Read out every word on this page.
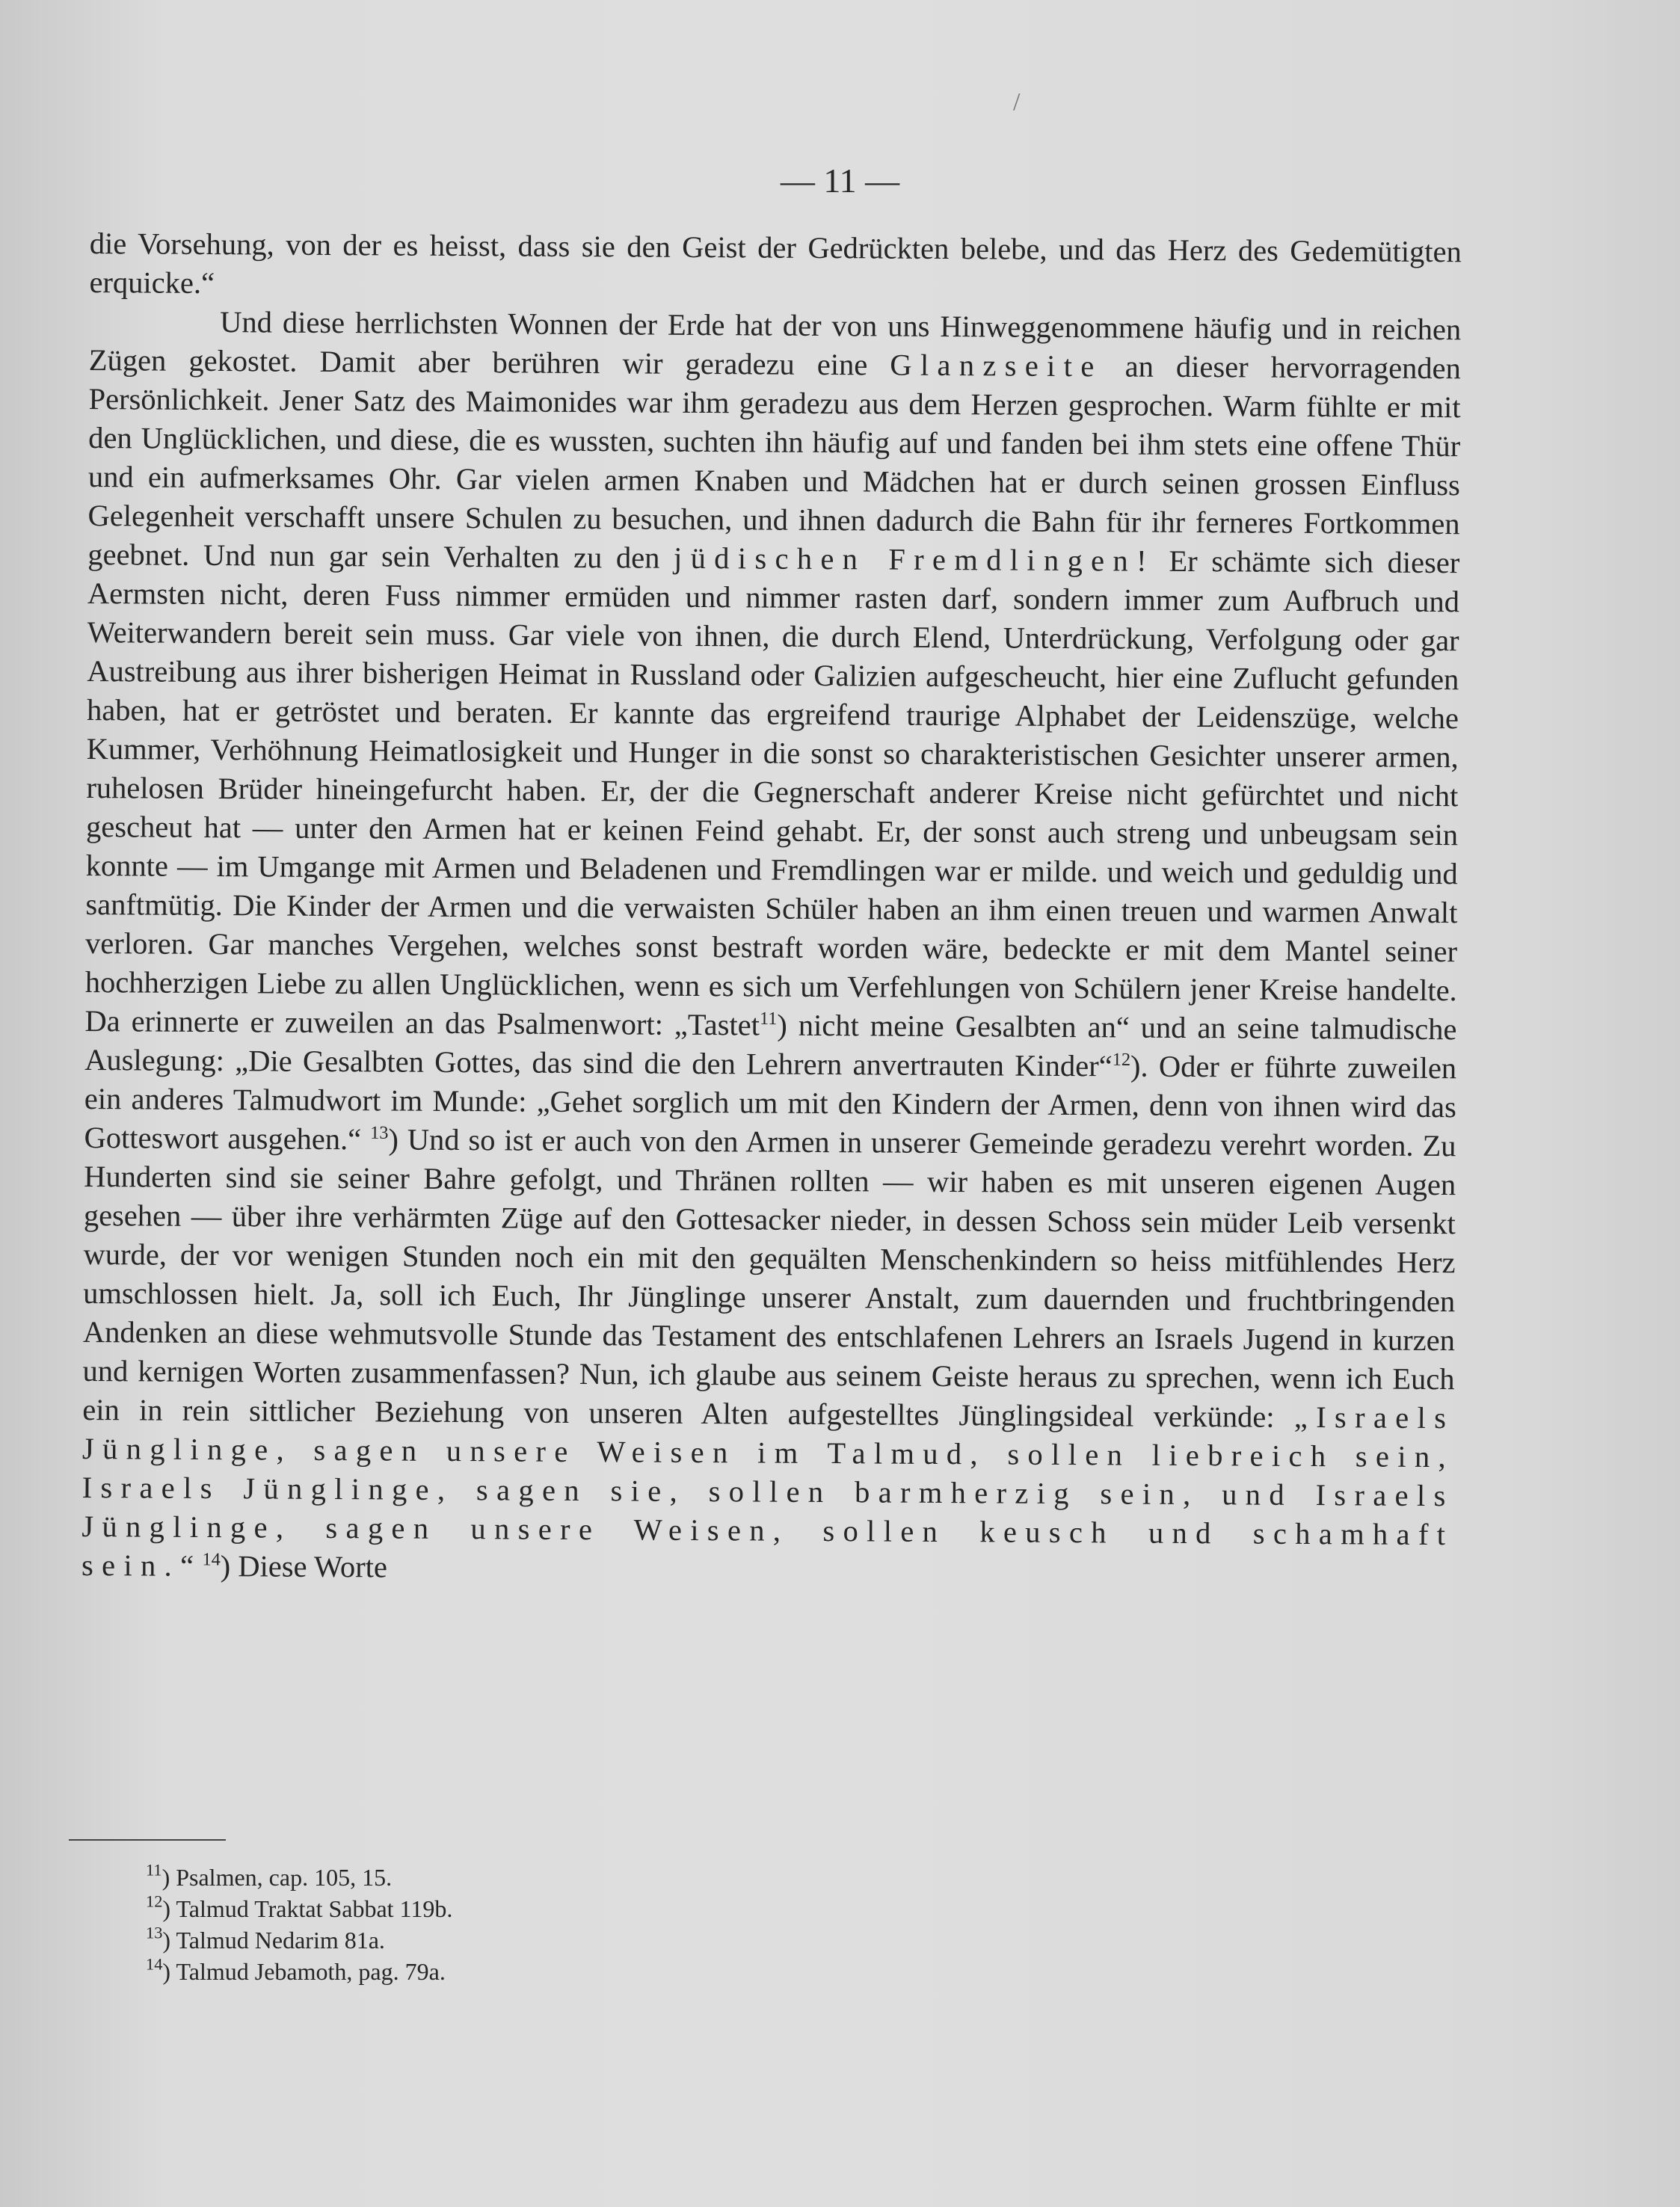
/
— 11 —

die Vorsehung, von der es heisst, dass sie den Geist der Gedrückten belebe, und das Herz des Gedemütigten erquicke.“

Und diese herrlichsten Wonnen der Erde hat der von uns Hinweggenommene häufig und in reichen Zügen gekostet. Damit aber berühren wir geradezu eine Glanzseite an dieser hervorragenden Persönlichkeit. Jener Satz des Maimonides war ihm geradezu aus dem Herzen gesprochen. Warm fühlte er mit den Unglücklichen, und diese, die es wussten, suchten ihn häufig auf und fanden bei ihm stets eine offene Thür und ein aufmerksames Ohr. Gar vielen armen Knaben und Mädchen hat er durch seinen grossen Einfluss Gelegenheit verschafft unsere Schulen zu besuchen, und ihnen dadurch die Bahn für ihr ferneres Fortkommen geebnet. Und nun gar sein Verhalten zu den jüdischen Fremdlingen! Er schämte sich dieser Aermsten nicht, deren Fuss nimmer ermüden und nimmer rasten darf, sondern immer zum Aufbruch und Weiterwandern bereit sein muss. Gar viele von ihnen, die durch Elend, Unterdrückung, Verfolgung oder gar Austreibung aus ihrer bisherigen Heimat in Russland oder Galizien aufgescheucht, hier eine Zuflucht gefunden haben, hat er getröstet und beraten. Er kannte das ergreifend traurige Alphabet der Leidenszüge, welche Kummer, Verhöhnung Heimatlosigkeit und Hunger in die sonst so charakteristischen Gesichter unserer armen, ruhelosen Brüder hineingefurcht haben. Er, der die Gegnerschaft anderer Kreise nicht gefürchtet und nicht gescheut hat — unter den Armen hat er keinen Feind gehabt. Er, der sonst auch streng und unbeugsam sein konnte — im Umgange mit Armen und Beladenen und Fremdlingen war er milde. und weich und geduldig und sanftmütig. Die Kinder der Armen und die verwaisten Schüler haben an ihm einen treuen und warmen Anwalt verloren. Gar manches Vergehen, welches sonst bestraft worden wäre, bedeckte er mit dem Mantel seiner hochherzigen Liebe zu allen Unglücklichen, wenn es sich um Verfehlungen von Schülern jener Kreise handelte. Da erinnerte er zuweilen an das Psalmenwort: „Tastet$^{11}$) nicht meine Gesalbten an“ und an seine talmudische Auslegung: „Die Gesalbten Gottes, das sind die den Lehrern anvertrauten Kinder“$^{12}$). Oder er führte zuweilen ein anderes Talmudwort im Munde: „Gehet sorglich um mit den Kindern der Armen, denn von ihnen wird das Gotteswort ausgehen.“ $^{13}$) Und so ist er auch von den Armen in unserer Gemeinde geradezu verehrt worden. Zu Hunderten sind sie seiner Bahre gefolgt, und Thränen rollten — wir haben es mit unseren eigenen Augen gesehen — über ihre verhärmten Züge auf den Gottesacker nieder, in dessen Schoss sein müder Leib versenkt wurde, der vor wenigen Stunden noch ein mit den gequälten Menschenkindern so heiss mitfühlendes Herz umschlossen hielt. Ja, soll ich Euch, Ihr Jünglinge unserer Anstalt, zum dauernden und fruchtbringenden Andenken an diese wehmutsvolle Stunde das Testament des entschlafenen Lehrers an Israels Jugend in kurzen und kernigen Worten zusammenfassen? Nun, ich glaube aus seinem Geiste heraus zu sprechen, wenn ich Euch ein in rein sittlicher Beziehung von unseren Alten aufgestelltes Jünglingsideal verkünde: „Israels Jünglinge, sagen unsere Weisen im Talmud, sollen liebreich sein, Israels Jünglinge, sagen sie, sollen barmherzig sein, und Israels Jünglinge, sagen unsere Weisen, sollen keusch und schamhaft sein.“$^{14}$) Diese Worte

$^{11}$) Psalmen, cap. 105, 15.
$^{12}$) Talmud Traktat Sabbat 119b.
$^{13}$) Talmud Nedarim 81a.
$^{14}$) Talmud Jebamoth, pag. 79a.
